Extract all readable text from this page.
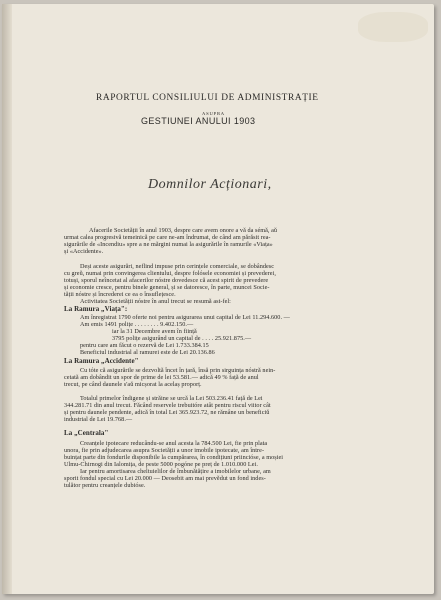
RAPORTUL CONSILIULUI DE ADMINISTRAȚIE
ASUPRA
GESTIUNEI ANULUI 1903
Domnilor Acționari,
Afacerile Societății în anul 1903, despre care avem onore a vă da sémă, aŭ
urmat calea progresivă temeinică pe care ne-am îndrumat, de când am părăsit rea-
sigurările de «Incendiu» spre a ne mărgini numai la asigurările în ramurile «Viața»
și «Accidente».
Deși aceste asigurări, neflind impuse prin cerințele comerciale, se dobândesc
cu greŭ, numai prin convingerea clientului, despre folósele economiei și prevederei,
totuși, sporul neîncetat al afacerilor nóstre dovedesce că acest spirit de prevedere
și economie cresce, pentru binele general, și se datoresce, în parte, muncei Socie-
tății nóstre și încrederei ce ea o însuflețesce.
Activitatea Societății nóstre în anul trecut se resumă ast-fel:
La Ramura „Viața":
Am înregistrat 1790 oferte noi pentru asigurarea unui capital de Lei 11.294.600. —
Am emis 1491 polițe . . . . . . . . 9.402.150.—
iar la 31 Decembre avem în ființă
3795 polițe asigurând un capital de . . . . 25.921.875.—
pentru care am făcut o rezervă de Lei 1.733.384.15
Beneficiul industrial al ramurei este de Lei 20.136.86
La Ramura „Accidente"
Cu tóte că asigurările se dezvoltă încet în țară, însă prin sirguința nóstră nein-
cetată am dobândit un spor de prime de lei 53.581.— adică 49 % față de anul
trecut, pe când daunele s'aŭ micșorat la acelaș proporț.
Totalul primelor îndigene și străine se urcă la Lei 503.236.41 față de Lei
344.281.71 din anul trecut. Făcând reservele trebuitóre atât pentru riscul viitor cât
și pentru daunele pendente, adică în total Lei 365.923.72, ne rămâne un beneficiŭ
industrial de Lei 19.768.—
La „Centrala"
Creanțele ipotecare reducându-se anul acesta la 784.500 Lei, fie prin plata
unora, fie prin adjudecarea asupra Societății a unor imobile ipotecate, am între-
buințat parte din fondurile disponibile la cumpărarea, în condițiuni priincióse, a moșiei
Ulmu-Chirnogi din Ialomița, de peste 5000 pogóne pe preț de 1.010.000 Lei.
Iar pentru amortisarea cheltuielilor de îmbunătățire a imobilelor urbane, am
sporit fondul special cu Lei 20.000 — Deosebit am mai prevĕdut un fond indes-
tulător pentru creanțele dubióse.
